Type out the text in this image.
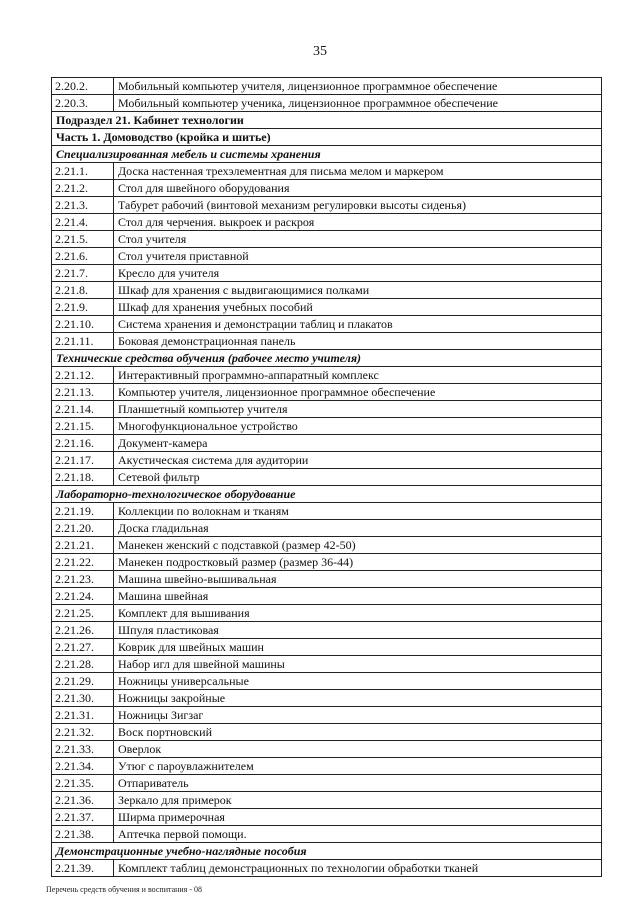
35
2.20.2.	Мобильный компьютер учителя, лицензионное программное обеспечение
2.20.3.	Мобильный компьютер ученика, лицензионное программное обеспечение
Подраздел 21. Кабинет технологии	
Часть 1. Домоводство (кройка и шитье)	
Специализированная мебель и системы хранения	
2.21.1.	Доска настенная трехэлементная для письма мелом и маркером
2.21.2.	Стол для швейного оборудования
2.21.3.	Табурет рабочий (винтовой механизм регулировки высоты сиденья)
2.21.4.	Стол для черчения. выкроек и раскроя
2.21.5.	Стол учителя
2.21.6.	Стол учителя приставной
2.21.7.	Кресло для учителя
2.21.8.	Шкаф для хранения с выдвигающимися полками
2.21.9.	Шкаф для хранения учебных пособий
2.21.10.	Система хранения и демонстрации таблиц и плакатов
2.21.11.	Боковая демонстрационная панель
Технические средства обучения (рабочее место учителя)	
2.21.12.	Интерактивный программно-аппаратный комплекс
2.21.13.	Компьютер учителя, лицензионное программное обеспечение
2.21.14.	Планшетный компьютер учителя
2.21.15.	Многофункциональное устройство
2.21.16.	Документ-камера
2.21.17.	Акустическая система для аудитории
2.21.18.	Сетевой фильтр
Лабораторно-технологическое оборудование	
2.21.19.	Коллекции по волокнам и тканям
2.21.20.	Доска гладильная
2.21.21.	Манекен женский с подставкой (размер 42-50)
2.21.22.	Манекен подростковый размер (размер 36-44)
2.21.23.	Машина швейно-вышивальная
2.21.24.	Машина швейная
2.21.25.	Комплект для вышивания
2.21.26.	Шпуля пластиковая
2.21.27.	Коврик для швейных машин
2.21.28.	Набор игл для швейной машины
2.21.29.	Ножницы универсальные
2.21.30.	Ножницы закройные
2.21.31.	Ножницы Зигзаг
2.21.32.	Воск портновский
2.21.33.	Оверлок
2.21.34.	Утюг с пароувлажнителем
2.21.35.	Отпариватель
2.21.36.	Зеркало для примерок
2.21.37.	Ширма примерочная
2.21.38.	Аптечка первой помощи.
Демонстрационные учебно-наглядные пособия	
2.21.39.	Комплект таблиц демонстрационных по технологии обработки тканей
Перечень средств обучения и воспитания - 08
